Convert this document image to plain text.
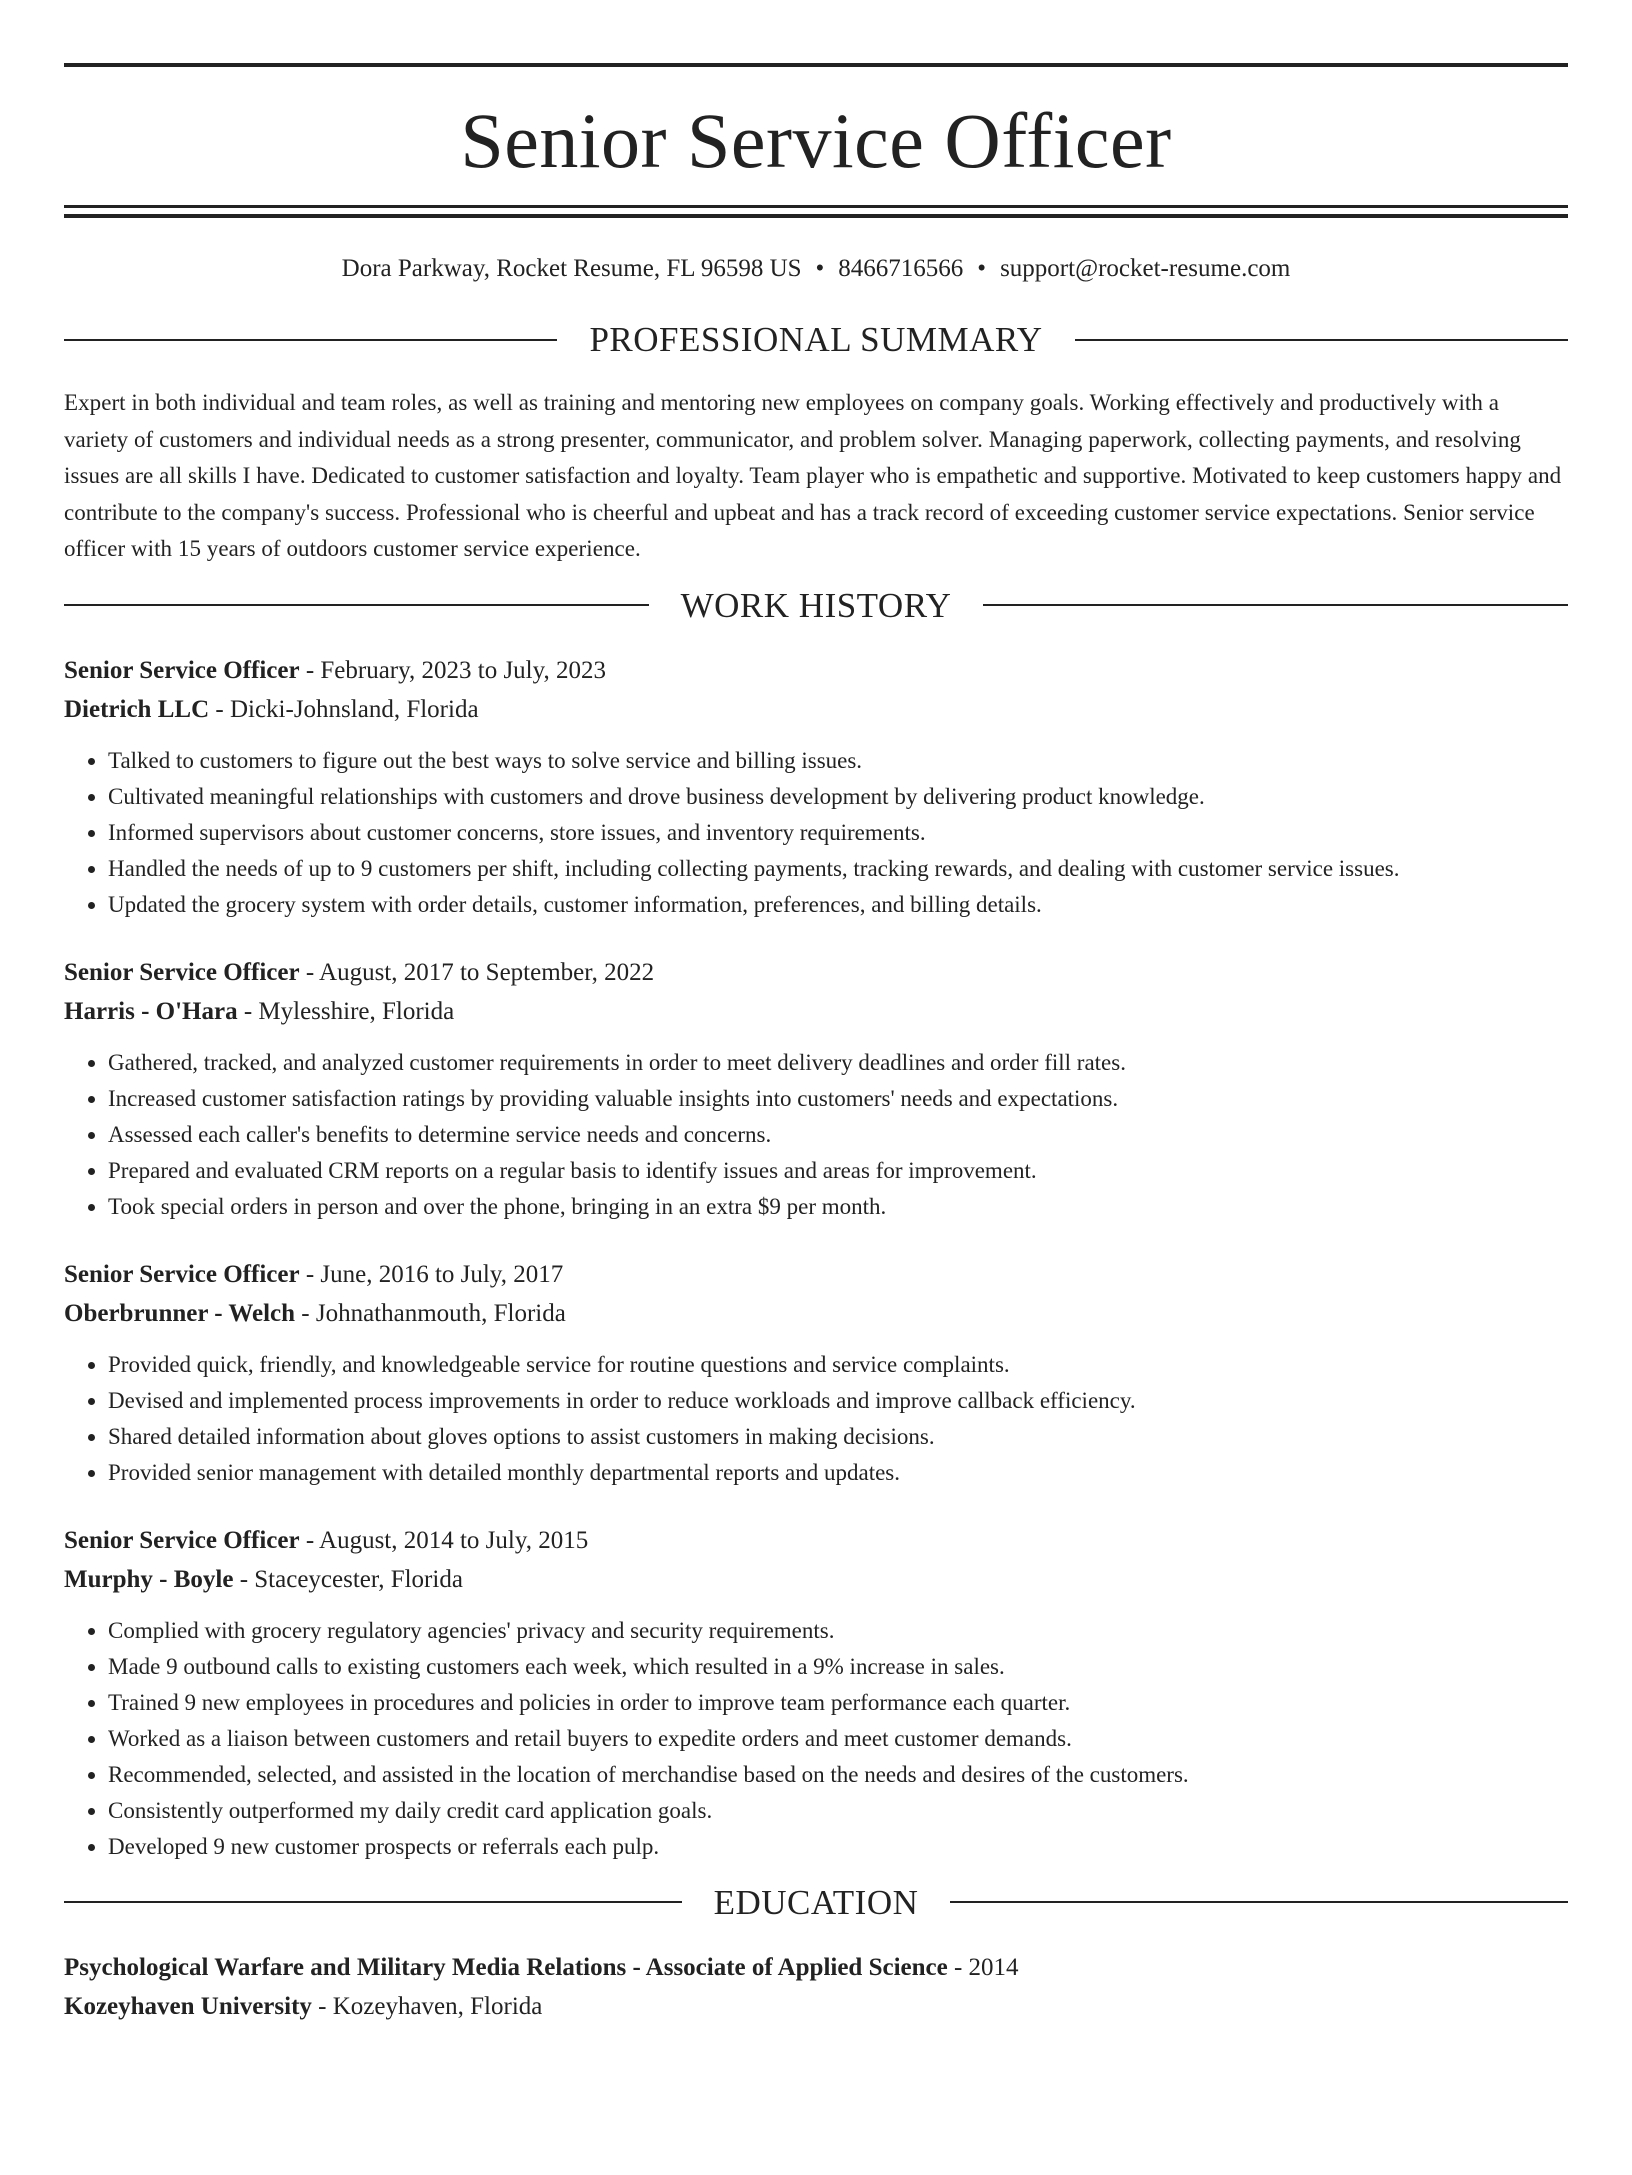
Senior Service Officer
Dora Parkway, Rocket Resume, FL 96598 US • 8466716566 • support@rocket-resume.com
PROFESSIONAL SUMMARY

Expert in both individual and team roles, as well as training and mentoring new employees on company goals. Working effectively and productively with a variety of customers and individual needs as a strong presenter, communicator, and problem solver. Managing paperwork, collecting payments, and resolving issues are all skills I have. Dedicated to customer satisfaction and loyalty. Team player who is empathetic and supportive. Motivated to keep customers happy and contribute to the company's success. Professional who is cheerful and upbeat and has a track record of exceeding customer service expectations. Senior service officer with 15 years of outdoors customer service experience.

WORK HISTORY
Senior Service Officer - February, 2023 to July, 2023
Dietrich LLC - Dicki-Johnsland, Florida
• Talked to customers to figure out the best ways to solve service and billing issues.
• Cultivated meaningful relationships with customers and drove business development by delivering product knowledge.
• Informed supervisors about customer concerns, store issues, and inventory requirements.
• Handled the needs of up to 9 customers per shift, including collecting payments, tracking rewards, and dealing with customer service issues.
• Updated the grocery system with order details, customer information, preferences, and billing details.
Senior Service Officer - August, 2017 to September, 2022
Harris - O'Hara - Mylesshire, Florida
• Gathered, tracked, and analyzed customer requirements in order to meet delivery deadlines and order fill rates.
• Increased customer satisfaction ratings by providing valuable insights into customers' needs and expectations.
• Assessed each caller's benefits to determine service needs and concerns.
• Prepared and evaluated CRM reports on a regular basis to identify issues and areas for improvement.
• Took special orders in person and over the phone, bringing in an extra $9 per month.
Senior Service Officer - June, 2016 to July, 2017
Oberbrunner - Welch - Johnathanmouth, Florida
• Provided quick, friendly, and knowledgeable service for routine questions and service complaints.
• Devised and implemented process improvements in order to reduce workloads and improve callback efficiency.
• Shared detailed information about gloves options to assist customers in making decisions.
• Provided senior management with detailed monthly departmental reports and updates.
Senior Service Officer - August, 2014 to July, 2015
Murphy - Boyle - Staceycester, Florida
• Complied with grocery regulatory agencies' privacy and security requirements.
• Made 9 outbound calls to existing customers each week, which resulted in a 9% increase in sales.
• Trained 9 new employees in procedures and policies in order to improve team performance each quarter.
• Worked as a liaison between customers and retail buyers to expedite orders and meet customer demands.
• Recommended, selected, and assisted in the location of merchandise based on the needs and desires of the customers.
• Consistently outperformed my daily credit card application goals.
• Developed 9 new customer prospects or referrals each pulp.
EDUCATION
Psychological Warfare and Military Media Relations - Associate of Applied Science - 2014
Kozeyhaven University - Kozeyhaven, Florida
